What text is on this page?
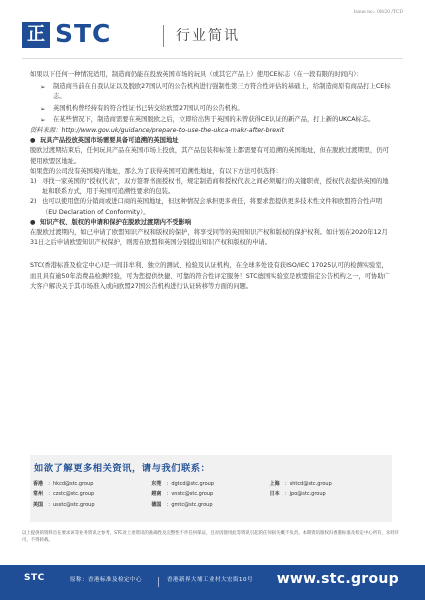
Issue no.: 08/20 /TCD
正 STC	行业简讯

如果以下任何一种情况适用，制造商仍能在投放英国市场的玩具（或其它产品上）使用CE标志（在一段有限的时间内）：

➢ 制造商当前在自我认证以及脱欧27国认可的公告机构进行强制性第三方符合性评估的基础上，给制造商原有商品打上CE标志。
➢ 英国机构曾经持有的符合性证书已转交给欧盟27国认可的公告机构。
➢ 在某些情况下，制造商需要在英国脱欧之后，立即给出售于英国的未曾获得CE认证的新产品，打上新的UKCA标志。

资料来源：http://www.gov.uk/guidance/prepare-to-use-the-ukca-makr-after-brexit

● 玩具产品投放英国市场需要具备可追溯的英国地址

脱欧过渡期结束后，任何玩具产品在英国市场上投放，其产品包装和标签上都需要有可追溯的英国地址，但在脱欧过渡期里，仍可使用欧盟区地址。

如果您的公司没有英国境内地址，那么为了获得英国可追溯性地址，有以下方法可供选择：

1) 寻找一家英国的“授权代表”，双方签署书面授权书，规定制造商和授权代表之间必须履行的关键职责，授权代表提供英国的地址和联系方式，用于英国可追溯性要求的包装。
2) 也可以使用您的分销商或进口商的英国地址，但这种情况会承担更多责任，将要求您提供更多技术性文件和欧盟符合性声明（EU Declaration of Conformity）。

● 知识产权、版权的申请和保护在脱欧过渡期内不受影响

在脱欧过渡期内，如已申请了欧盟知识产权和版权的保护，将享受同等的英国知识产权和版权的保护权利。如计划在2020年12月31日之后申请欧盟知识产权保护，则需在欧盟和英国分别提出知识产权和版权的申请。

STC(香港标准及检定中心)是一间非牟利、独立的测试、检验及认证机构，在全球多处设有获ISO/IEC 17025认可的检测实验室，而且具有逾50年消费品检测经验，可为您提供快捷、可靠的符合性评定服务！STC德国实验室是欧盟指定公告机构之一，可协助广大客户解决关于其市场准入或向欧盟27国公告机构进行认证转移等方面的问题。

如欲了解更多相关资讯，请与我们联系：
香港 ：hkcd@stc.group	东莞 ：dgtcd@stc.group	上海 ：shtcd@stc.group
常州 ：czstc@stc.group	越南 ：vnstc@stc.group	日本 ：jpo@stc.group
美国 ：usstc@stc.group	德国 ：gmtc@stc.group
以上提供的资料旨在要求该等业务资讯之参考，STC对上述资讯的准确性及完整性不作任何保证，且对因使用此等资讯引起的任何损失概不负责。本期资讯版权归香港标准及检定中心所有，未经许可，不得转载。
STC	原称：香港标准及检定中心	香港新界大埔工业村大宏街10号 www.stc.group
